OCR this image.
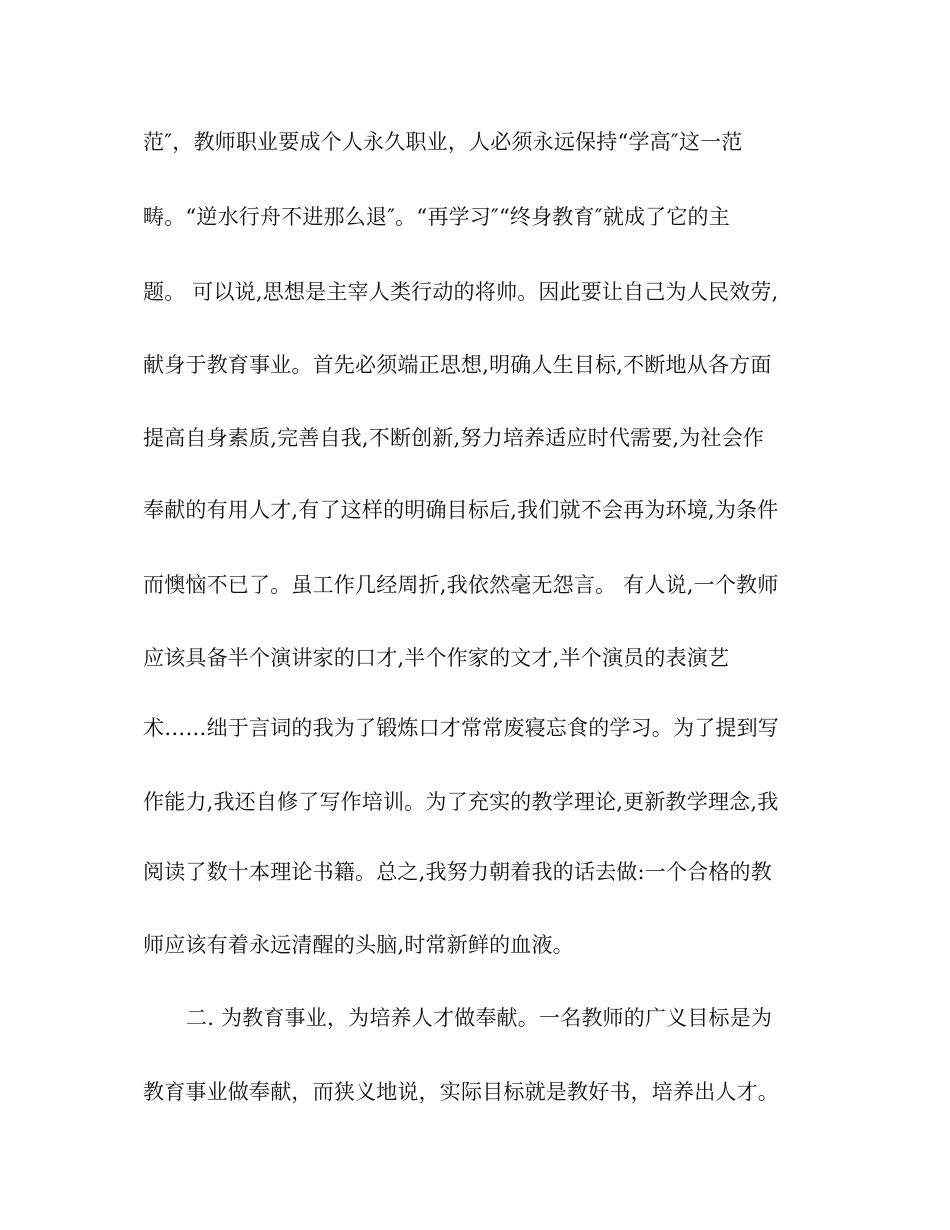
范″，教师职业要成个人永久职业，人必须永远保持“学高″这一范
畴。“逆水行舟不进那么退″。“再学习″“终身教育″就成了它的主
题。 可以说,思想是主宰人类行动的将帅。因此要让自己为人民效劳,
献身于教育事业。首先必须端正思想,明确人生目标,不断地从各方面
提高自身素质,完善自我,不断创新,努力培养适应时代需要,为社会作
奉献的有用人才,有了这样的明确目标后,我们就不会再为环境,为条件
而懊恼不已了。虽工作几经周折,我依然毫无怨言。 有人说,一个教师
应该具备半个演讲家的口才,半个作家的文才,半个演员的表演艺
术……绌于言词的我为了锻炼口才常常废寝忘食的学习。为了提到写
作能力,我还自修了写作培训。为了充实的教学理论,更新教学理念,我
阅读了数十本理论书籍。总之,我努力朝着我的话去做:一个合格的教
师应该有着永远清醒的头脑,时常新鲜的血液。
二. 为教育事业，为培养人才做奉献。一名教师的广义目标是为
教育事业做奉献，而狭义地说，实际目标就是教好书，培养出人才。
